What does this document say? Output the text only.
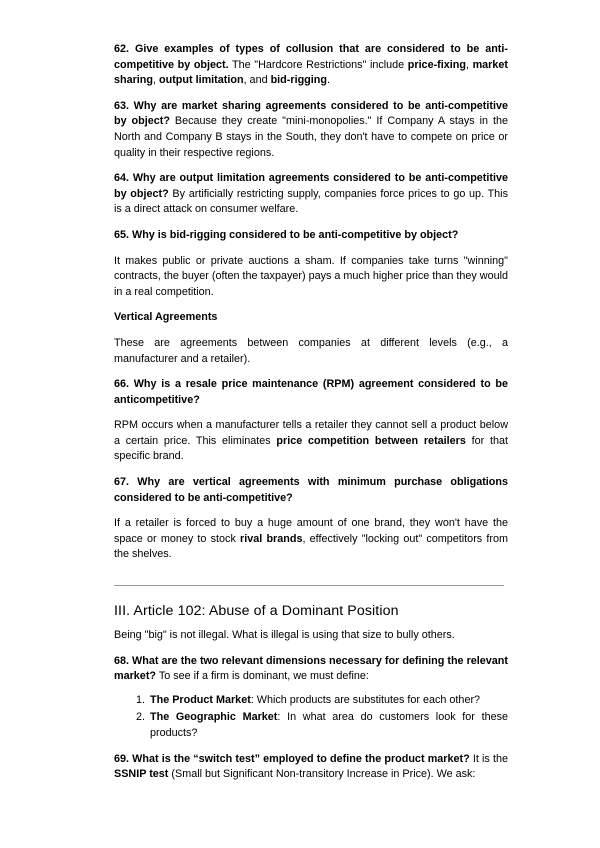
62. Give examples of types of collusion that are considered to be anti-competitive by object. The "Hardcore Restrictions" include price-fixing, market sharing, output limitation, and bid-rigging.

63. Why are market sharing agreements considered to be anti-competitive by object? Because they create "mini-monopolies." If Company A stays in the North and Company B stays in the South, they don't have to compete on price or quality in their respective regions.

64. Why are output limitation agreements considered to be anti-competitive by object? By artificially restricting supply, companies force prices to go up. This is a direct attack on consumer welfare.

65. Why is bid-rigging considered to be anti-competitive by object?

It makes public or private auctions a sham. If companies take turns "winning" contracts, the buyer (often the taxpayer) pays a much higher price than they would in a real competition.

Vertical Agreements

These are agreements between companies at different levels (e.g., a manufacturer and a retailer).

66. Why is a resale price maintenance (RPM) agreement considered to be anticompetitive?

RPM occurs when a manufacturer tells a retailer they cannot sell a product below a certain price. This eliminates price competition between retailers for that specific brand.

67. Why are vertical agreements with minimum purchase obligations considered to be anti-competitive?

If a retailer is forced to buy a huge amount of one brand, they won't have the space or money to stock rival brands, effectively "locking out" competitors from the shelves.

III. Article 102: Abuse of a Dominant Position

Being "big" is not illegal. What is illegal is using that size to bully others.

68. What are the two relevant dimensions necessary for defining the relevant market? To see if a firm is dominant, we must define:

1. The Product Market: Which products are substitutes for each other?
2. The Geographic Market: In what area do customers look for these products?

69. What is the “switch test” employed to define the product market? It is the SSNIP test (Small but Significant Non-transitory Increase in Price). We ask:
